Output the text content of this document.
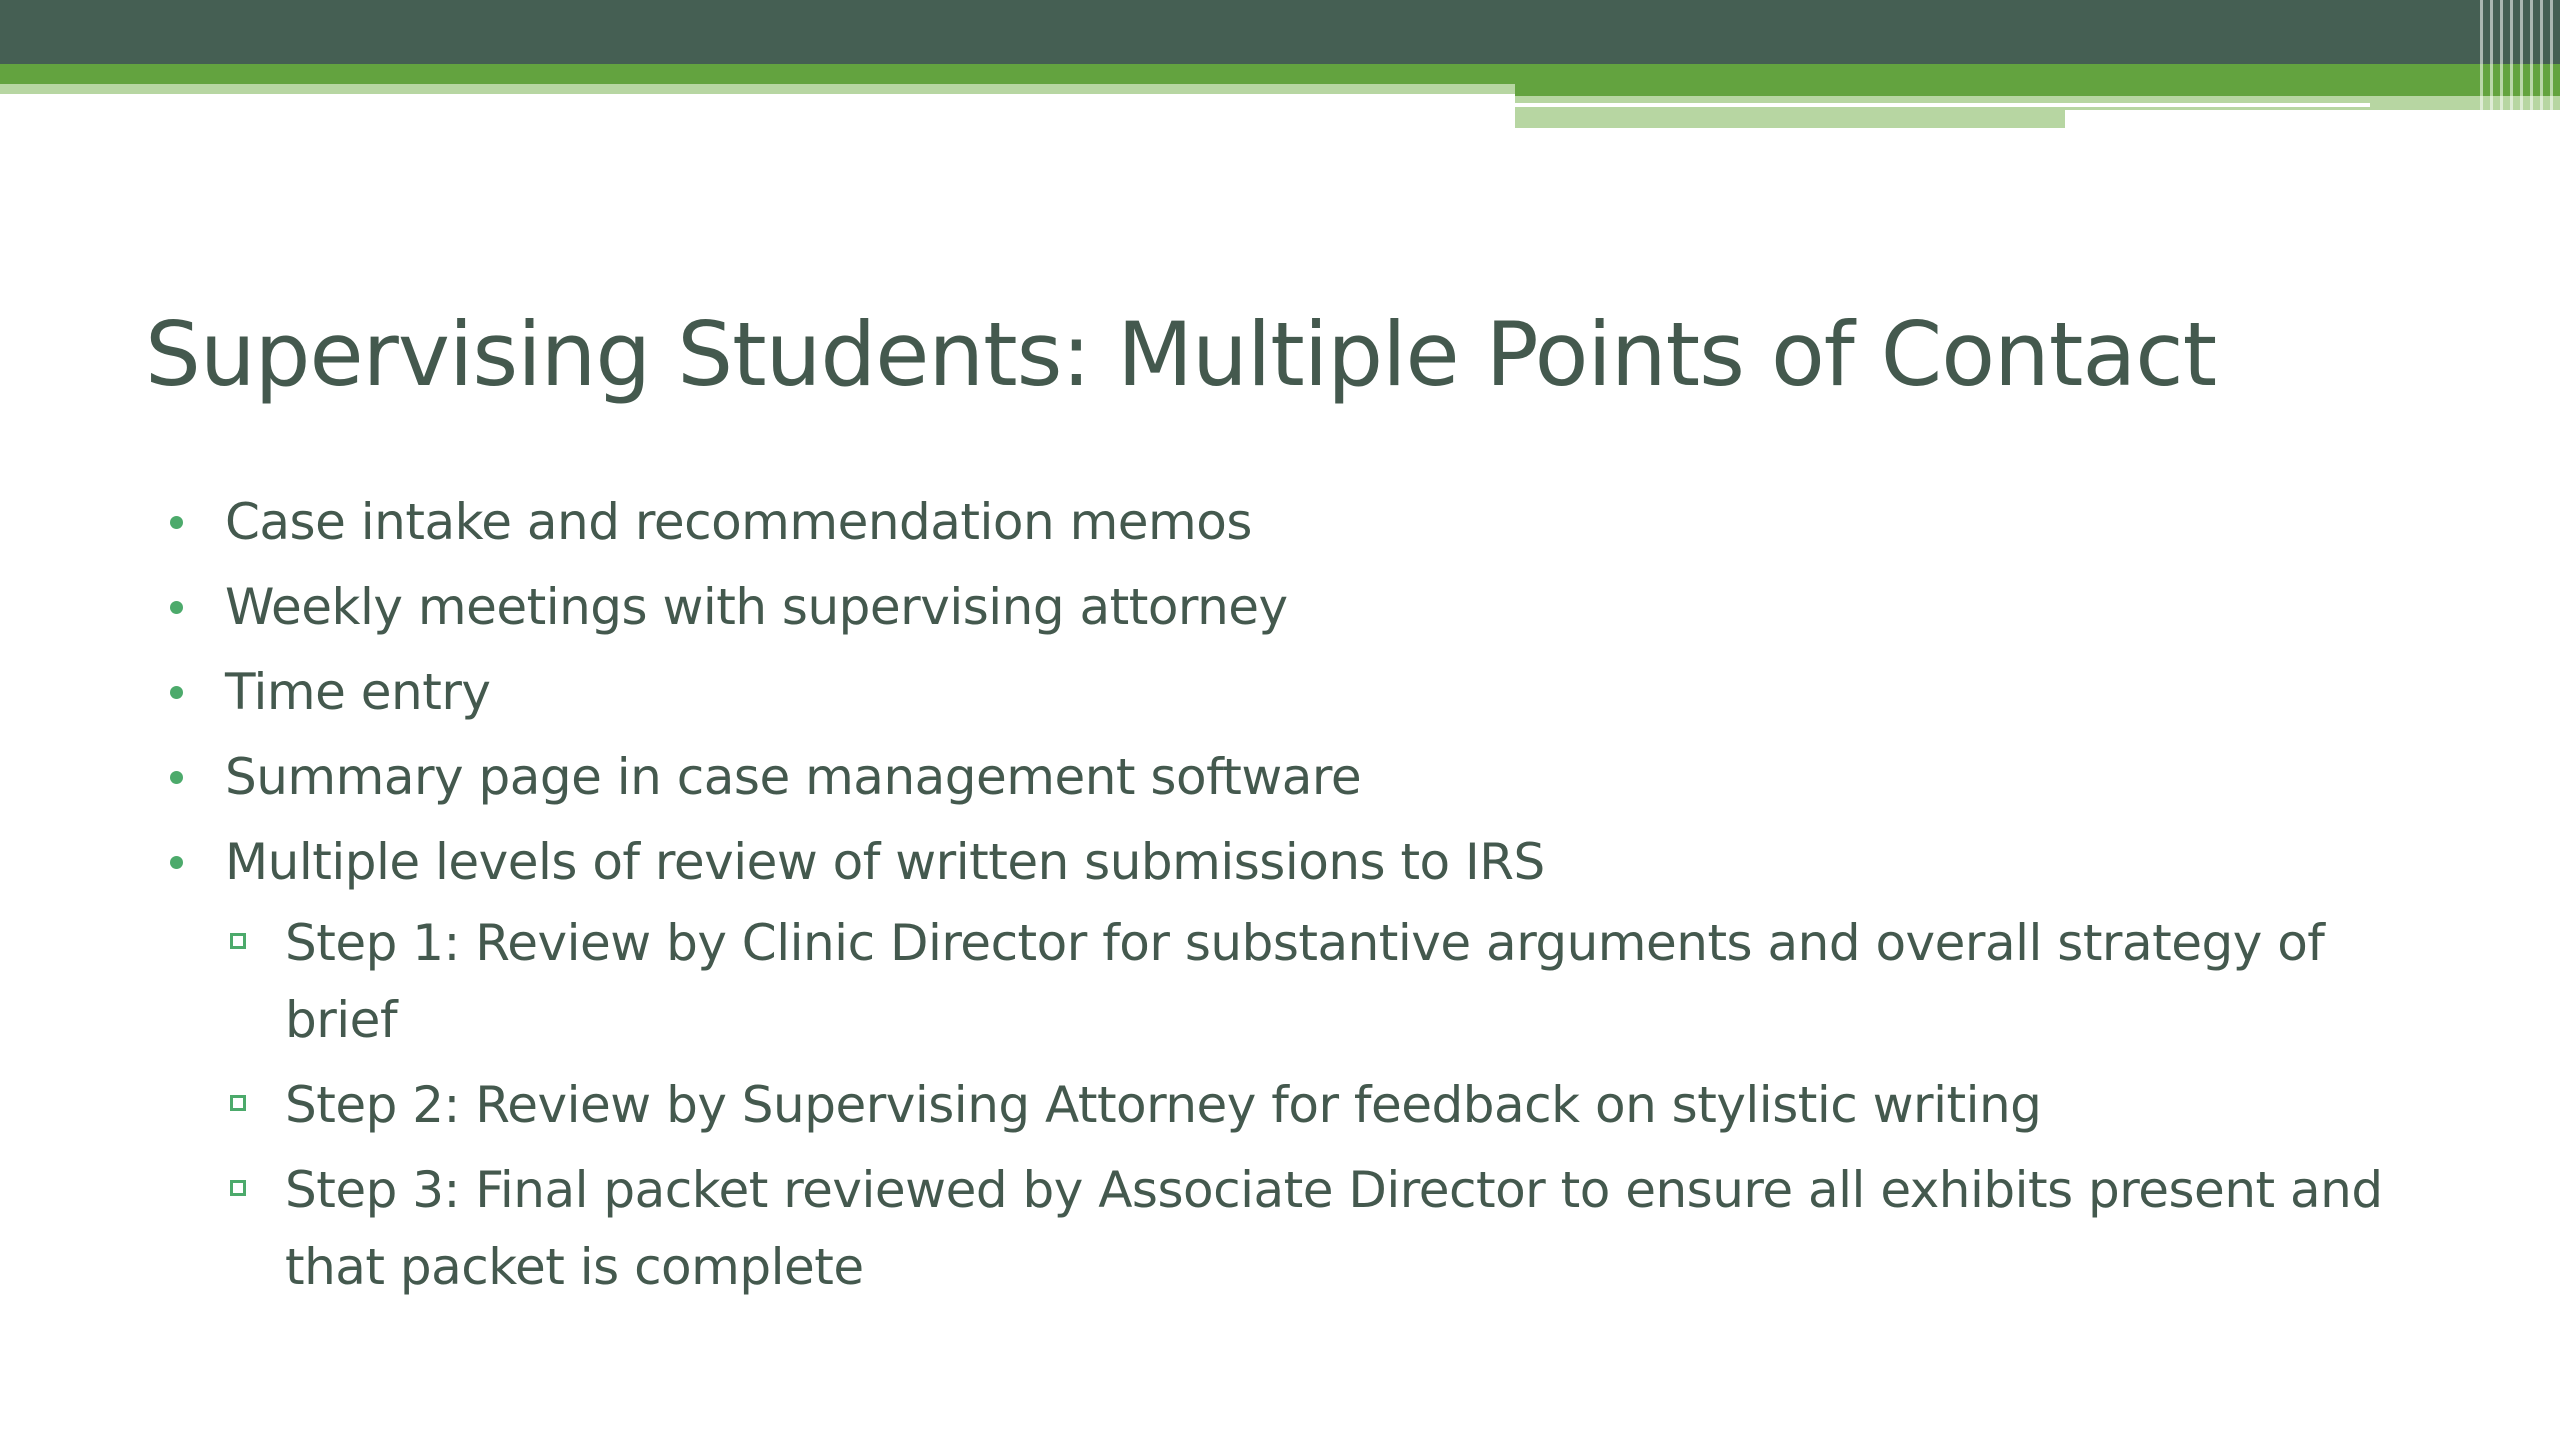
Supervising Students: Multiple Points of Contact
Case intake and recommendation memos
Weekly meetings with supervising attorney
Time entry
Summary page in case management software
Multiple levels of review of written submissions to IRS
Step 1: Review by Clinic Director for substantive arguments and overall strategy of brief
Step 2: Review by Supervising Attorney for feedback on stylistic writing
Step 3: Final packet reviewed by Associate Director to ensure all exhibits present and that packet is complete
